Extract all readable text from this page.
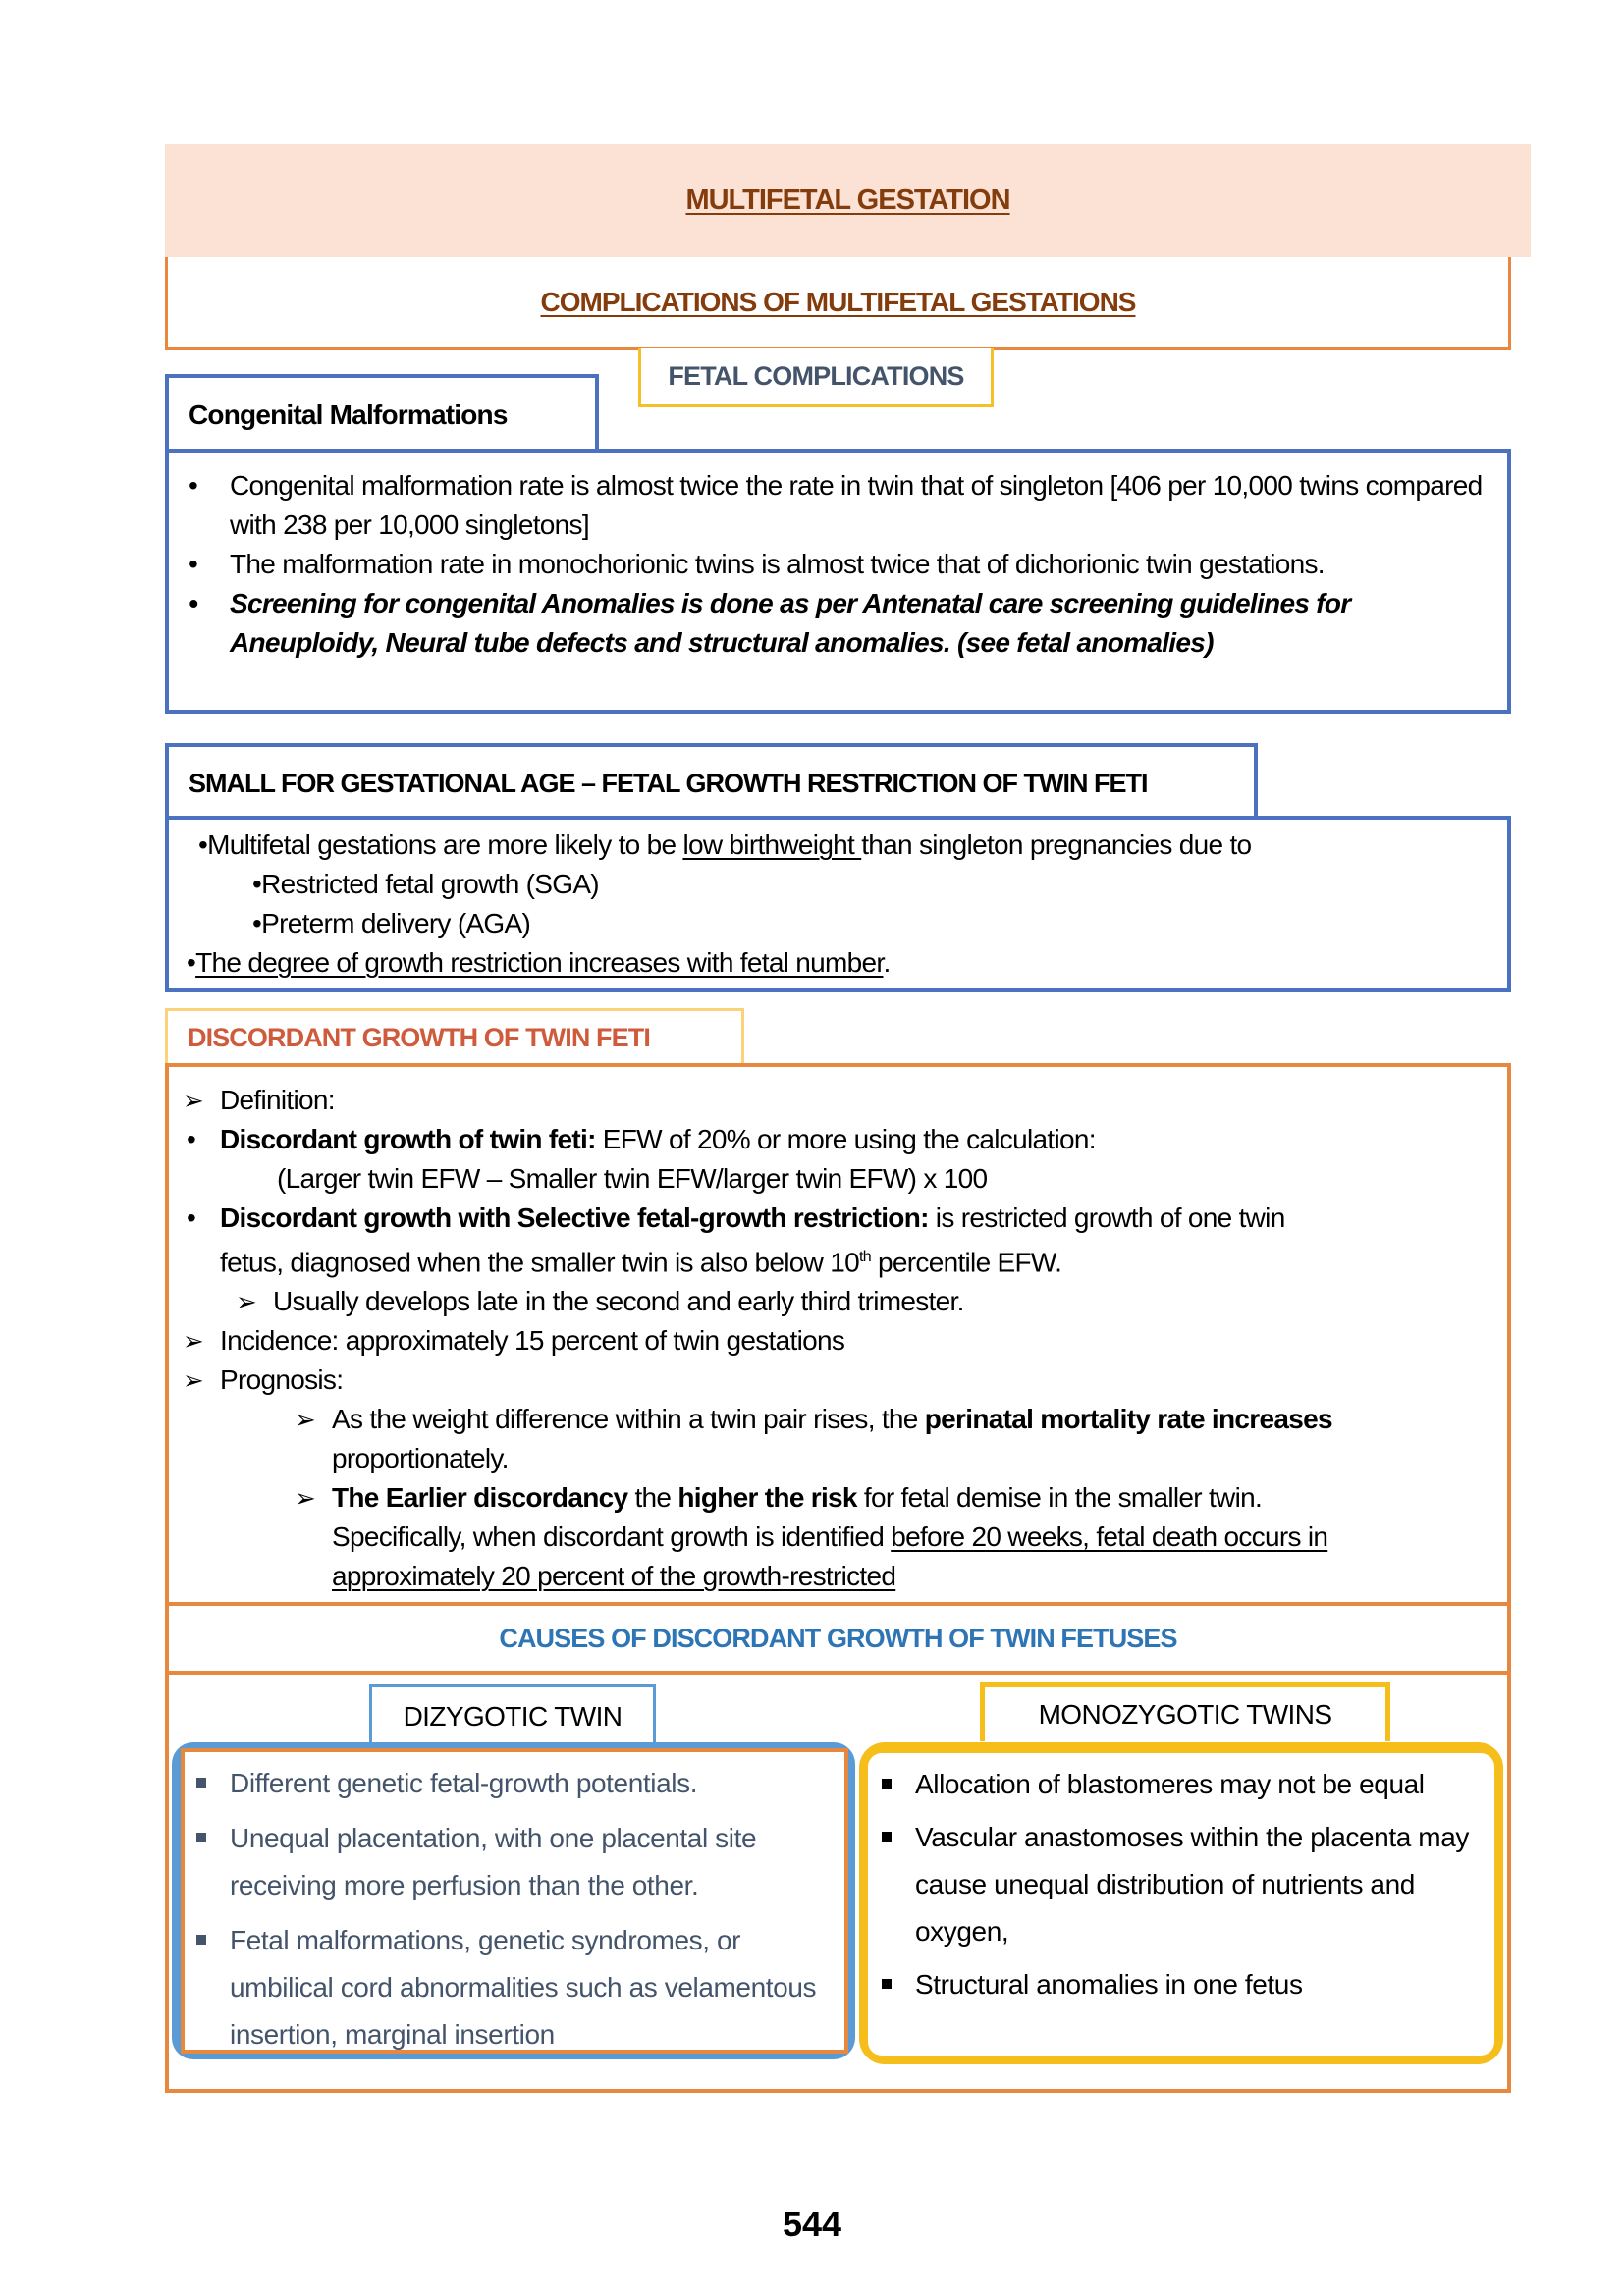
MULTIFETAL GESTATION
COMPLICATIONS OF MULTIFETAL GESTATIONS
FETAL COMPLICATIONS
Congenital Malformations
• Congenital malformation rate is almost twice the rate in twin that of singleton [406 per 10,000 twins compared with 238 per 10,000 singletons]
• The malformation rate in monochorionic twins is almost twice that of dichorionic twin gestations.
• Screening for congenital Anomalies is done as per Antenatal care screening guidelines for Aneuploidy, Neural tube defects and structural anomalies. (see fetal anomalies)
SMALL FOR GESTATIONAL AGE – FETAL GROWTH RESTRICTION OF TWIN FETI
•Multifetal gestations are more likely to be low birthweight than singleton pregnancies due to
•Restricted fetal growth (SGA)
•Preterm delivery (AGA)
•The degree of growth restriction increases with fetal number.
DISCORDANT GROWTH OF TWIN FETI
➢ Definition:
• Discordant growth of twin feti: EFW of 20% or more using the calculation:
(Larger twin EFW – Smaller twin EFW/larger twin EFW) x 100
• Discordant growth with Selective fetal-growth restriction: is restricted growth of one twin
fetus, diagnosed when the smaller twin is also below 10th percentile EFW.
➢ Usually develops late in the second and early third trimester.
➢ Incidence: approximately 15 percent of twin gestations
➢ Prognosis:
➢ As the weight difference within a twin pair rises, the perinatal mortality rate increases
proportionately.
➢ The Earlier discordancy the higher the risk for fetal demise in the smaller twin.
Specifically, when discordant growth is identified before 20 weeks, fetal death occurs in
approximately 20 percent of the growth-restricted
CAUSES OF DISCORDANT GROWTH OF TWIN FETUSES
DIZYGOTIC TWIN
Different genetic fetal-growth potentials.
Unequal placentation, with one placental site receiving more perfusion than the other.
Fetal malformations, genetic syndromes, or umbilical cord abnormalities such as velamentous insertion, marginal insertion
MONOZYGOTIC TWINS
Allocation of blastomeres may not be equal
Vascular anastomoses within the placenta may cause unequal distribution of nutrients and oxygen,
Structural anomalies in one fetus
544
